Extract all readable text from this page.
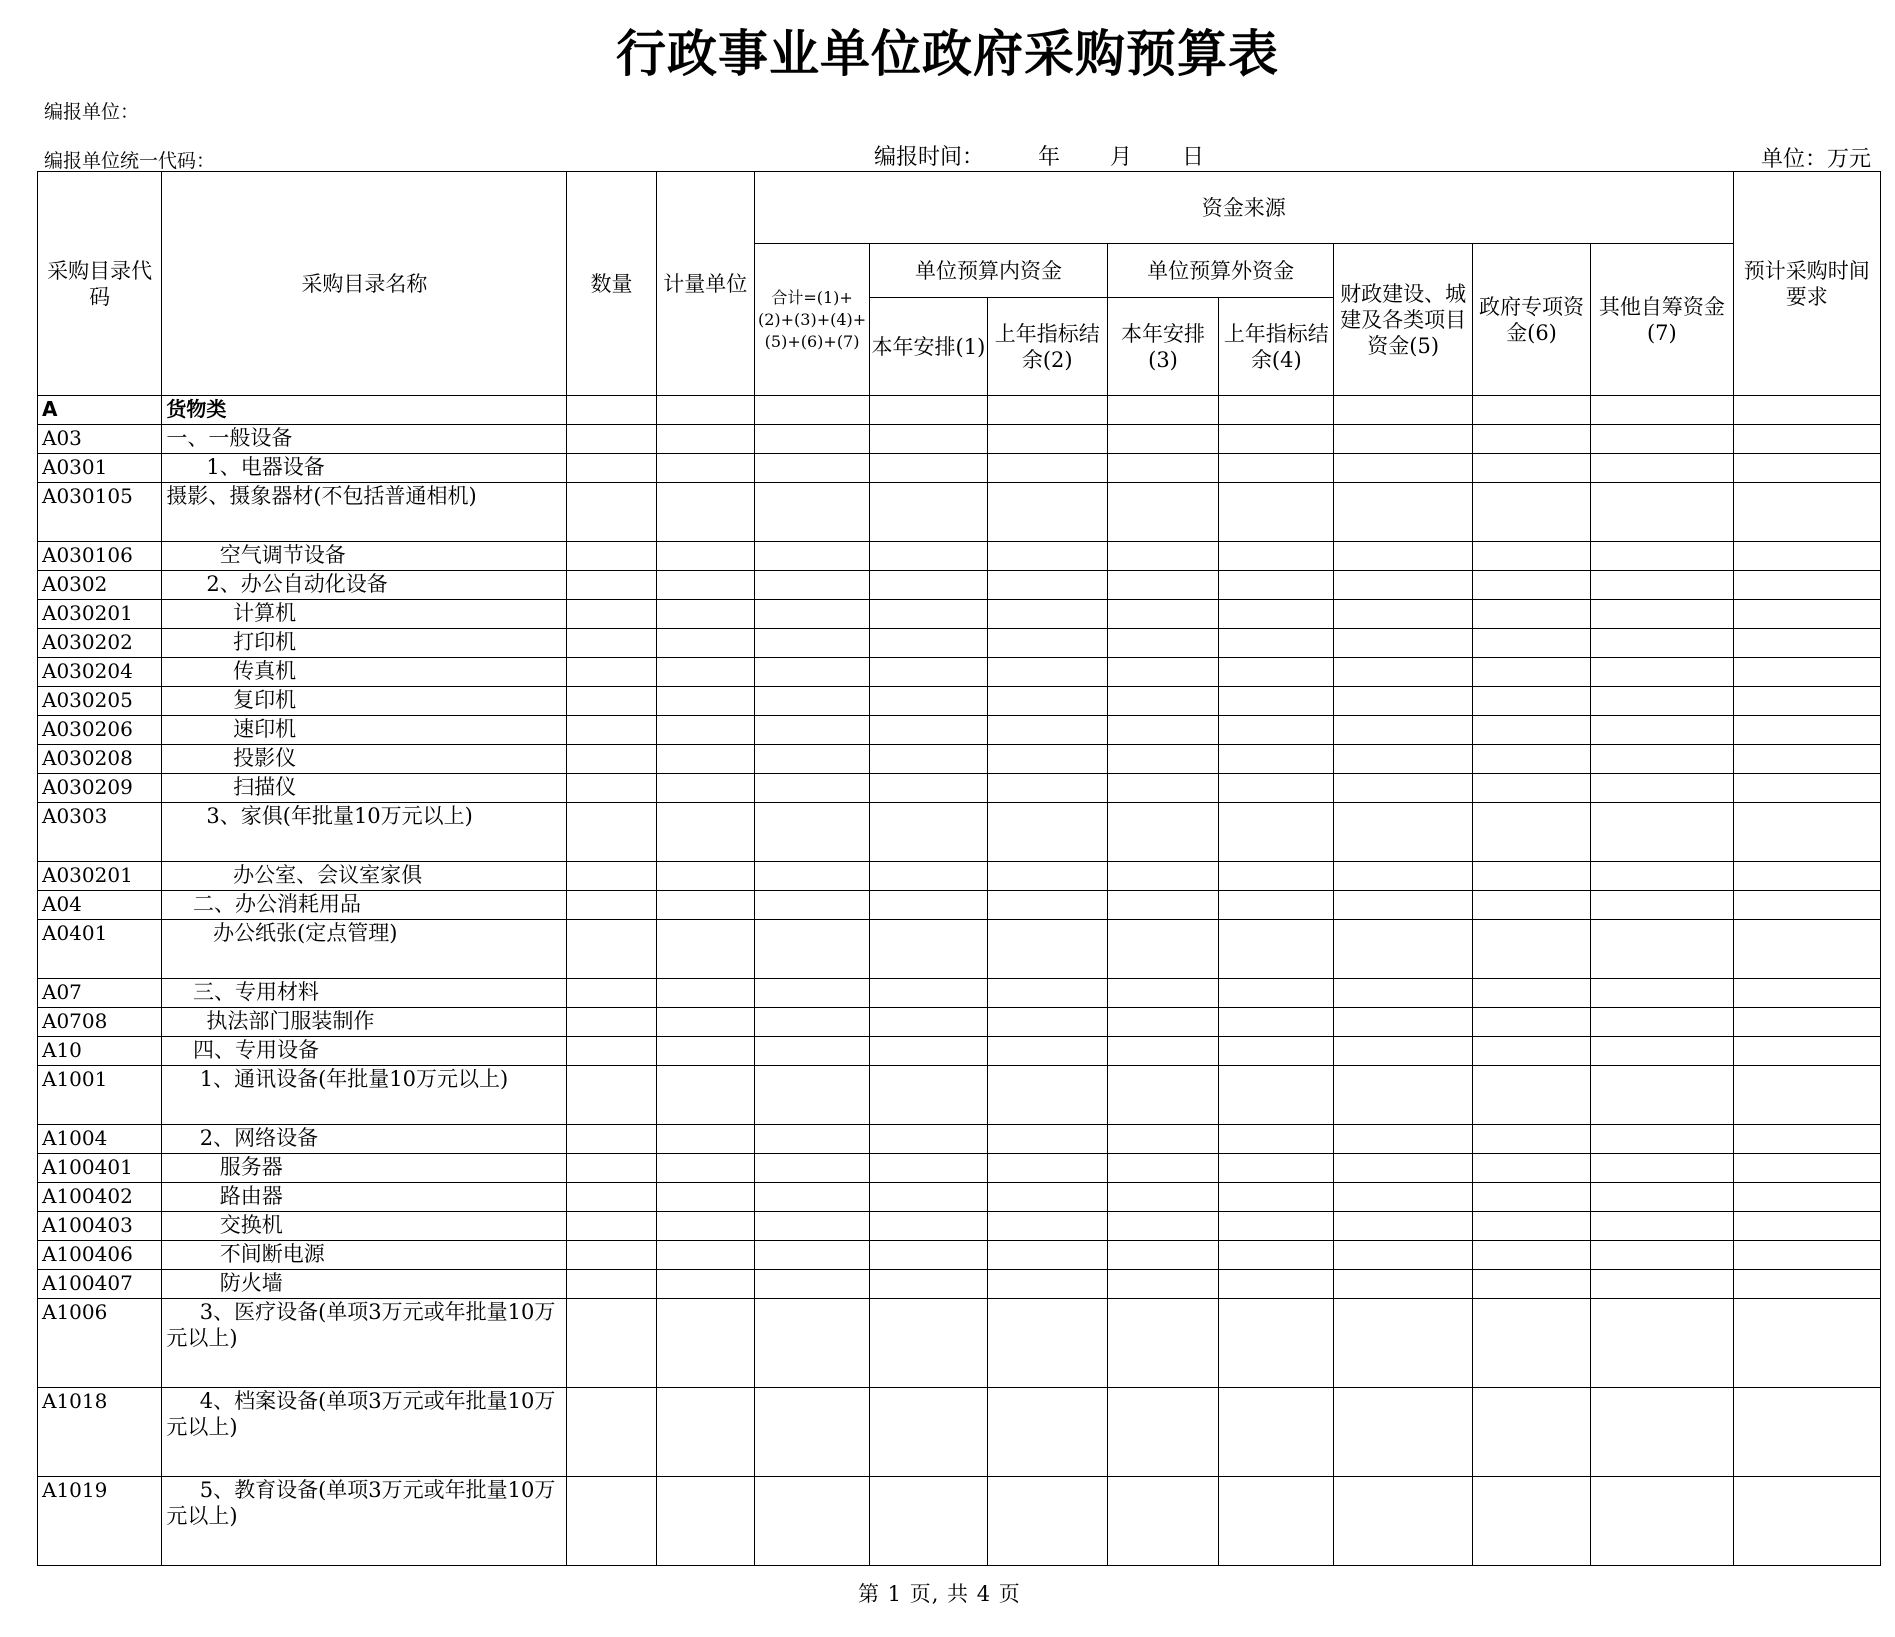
行政事业单位政府采购预算表
编报单位：
编报单位统一代码：	编报时间： 年 月 日	单位：万元
采购目录代码	采购目录名称	数量	计量单位	资金来源								预计采购时间要求
				合计=(1)+(2)+(3)+(4)+(5)+(6)+(7)	单位预算内资金		单位预算外资金		财政建设、城建及各类项目资金(5)	政府专项资金(6)	其他自筹资金(7)	
					本年安排(1)	上年指标结余(2)	本年安排(3)	上年指标结余(4)				
A	货物类											
A03	一、一般设备											
A0301	1、电器设备											
A030105	摄影、摄象器材(不包括普通相机)											
A030106	空气调节设备											
A0302	2、办公自动化设备											
A030201	计算机											
A030202	打印机											
A030204	传真机											
A030205	复印机											
A030206	速印机											
A030208	投影仪											
A030209	扫描仪											
A0303	3、家俱(年批量10万元以上)											
A030201	办公室、会议室家俱											
A04	二、办公消耗用品											
A0401	办公纸张(定点管理)											
A07	三、专用材料											
A0708	执法部门服装制作											
A10	四、专用设备											
A1001	1、通讯设备(年批量10万元以上)											
A1004	2、网络设备											
A100401	服务器											
A100402	路由器											
A100403	交换机											
A100406	不间断电源											
A100407	防火墙											
A1006	3、医疗设备(单项3万元或年批量10万元以上)											
A1018	4、档案设备(单项3万元或年批量10万元以上)											
A1019	5、教育设备(单项3万元或年批量10万元以上)											
第 1 页, 共 4 页
